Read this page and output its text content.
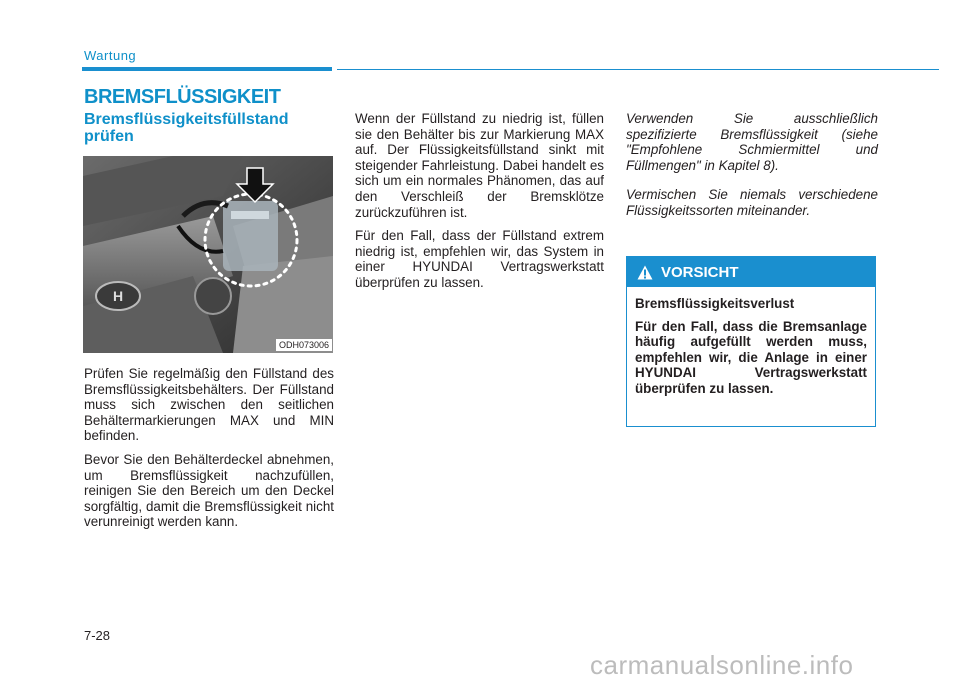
Wartung
BREMSFLÜSSIGKEIT
Bremsflüssigkeitsfüllstand prüfen
H
ODH073006

Prüfen Sie regelmäßig den Füllstand des Bremsflüssigkeitsbehälters. Der Füllstand muss sich zwischen den seitlichen Behältermarkierungen MAX und MIN befinden.

Bevor Sie den Behälterdeckel abnehmen, um Bremsflüssigkeit nachzufüllen, reinigen Sie den Bereich um den Deckel sorgfältig, damit die Bremsflüssigkeit nicht verunreinigt werden kann.

Wenn der Füllstand zu niedrig ist, füllen sie den Behälter bis zur Markierung MAX auf. Der Flüssigkeitsfüllstand sinkt mit steigender Fahrleistung. Dabei handelt es sich um ein normales Phänomen, das auf den Verschleiß der Bremsklötze zurückzuführen ist.

Für den Fall, dass der Füllstand extrem niedrig ist, empfehlen wir, das System in einer HYUNDAI Vertragswerkstatt überprüfen zu lassen.

Verwenden Sie ausschließlich spezifizierte Bremsflüssigkeit (siehe "Empfohlene Schmiermittel und Füllmengen" in Kapitel 8).

Vermischen Sie niemals verschiedene Flüssigkeitssorten miteinander.

VORSICHT
Bremsflüssigkeitsverlust
Für den Fall, dass die Bremsanlage häufig aufgefüllt werden muss, empfehlen wir, die Anlage in einer HYUNDAI Vertragswerkstatt überprüfen zu lassen.
7-28
carmanualsonline.info
